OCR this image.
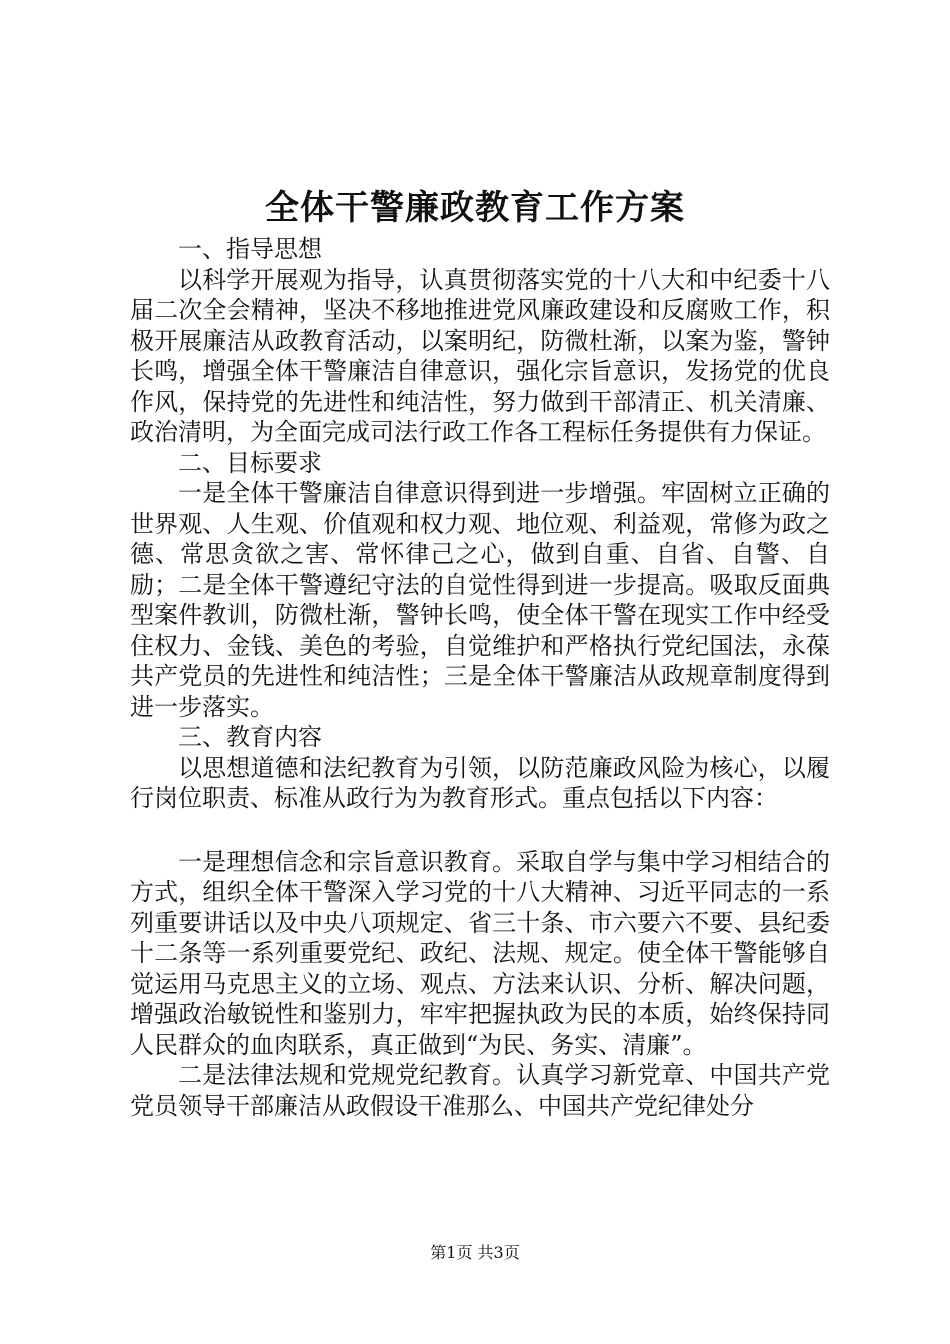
全体干警廉政教育工作方案

一、指导思想

以科学开展观为指导，认真贯彻落实党的十八大和中纪委十八届二次全会精神，坚决不移地推进党风廉政建设和反腐败工作，积极开展廉洁从政教育活动，以案明纪，防微杜渐，以案为鉴，警钟长鸣，增强全体干警廉洁自律意识，强化宗旨意识，发扬党的优良作风，保持党的先进性和纯洁性，努力做到干部清正、机关清廉、政治清明，为全面完成司法行政工作各工程标任务提供有力保证。

二、目标要求

一是全体干警廉洁自律意识得到进一步增强。牢固树立正确的世界观、人生观、价值观和权力观、地位观、利益观，常修为政之德、常思贪欲之害、常怀律己之心，做到自重、自省、自警、自励；二是全体干警遵纪守法的自觉性得到进一步提高。吸取反面典型案件教训，防微杜渐，警钟长鸣，使全体干警在现实工作中经受住权力、金钱、美色的考验，自觉维护和严格执行党纪国法，永葆共产党员的先进性和纯洁性；三是全体干警廉洁从政规章制度得到进一步落实。

三、教育内容

以思想道德和法纪教育为引领，以防范廉政风险为核心，以履行岗位职责、标准从政行为为教育形式。重点包括以下内容：

一是理想信念和宗旨意识教育。采取自学与集中学习相结合的方式，组织全体干警深入学习党的十八大精神、习近平同志的一系列重要讲话以及中央八项规定、省三十条、市六要六不要、县纪委十二条等一系列重要党纪、政纪、法规、规定。使全体干警能够自觉运用马克思主义的立场、观点、方法来认识、分析、解决问题，增强政治敏锐性和鉴别力，牢牢把握执政为民的本质，始终保持同人民群众的血肉联系，真正做到“为民、务实、清廉”。

二是法律法规和党规党纪教育。认真学习新党章、中国共产党党员领导干部廉洁从政假设干准那么、中国共产党纪律处分

第1页 共3页
